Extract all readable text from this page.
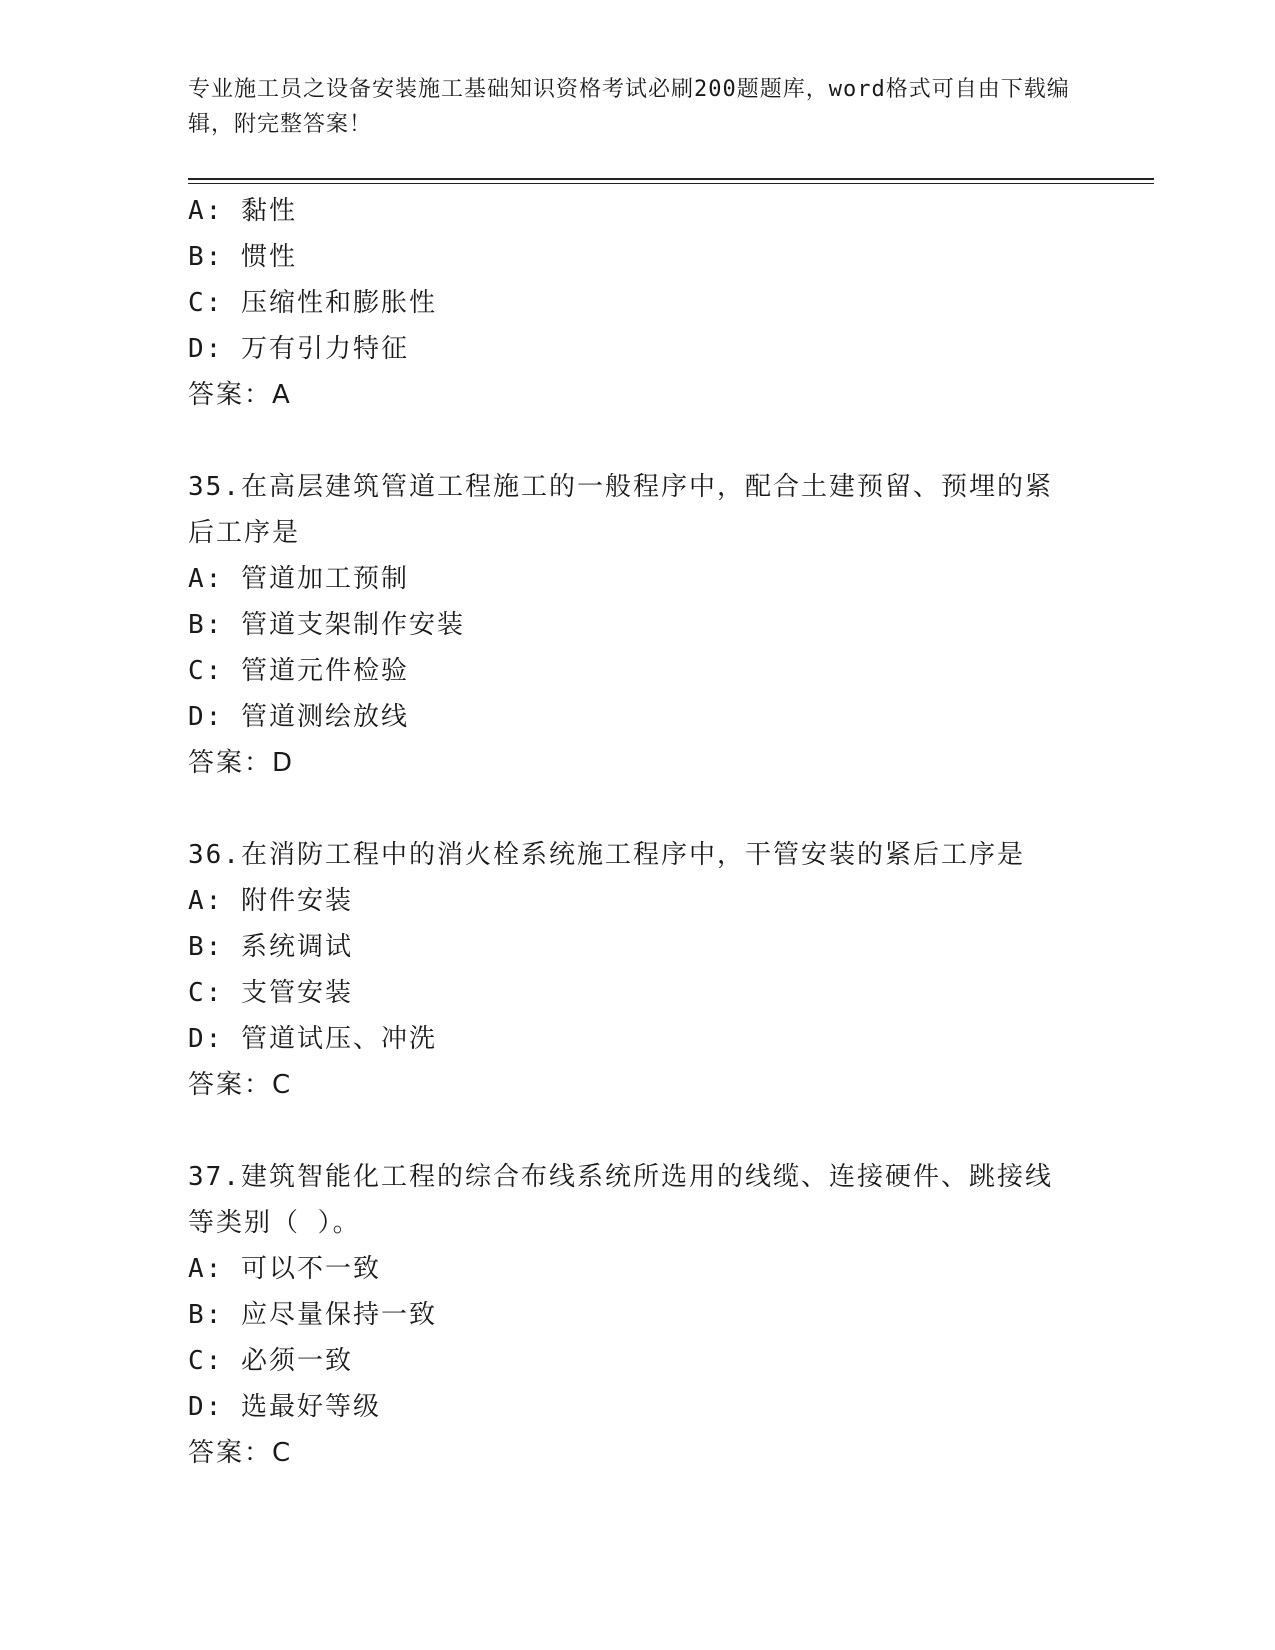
专业施工员之设备安装施工基础知识资格考试必刷200题题库，word格式可自由下载编辑，附完整答案！
A: 黏性
B: 惯性
C: 压缩性和膨胀性
D: 万有引力特征
答案：A
35.在高层建筑管道工程施工的一般程序中，配合土建预留、预埋的紧后工序是
A: 管道加工预制
B: 管道支架制作安装
C: 管道元件检验
D: 管道测绘放线
答案：D
36.在消防工程中的消火栓系统施工程序中，干管安装的紧后工序是
A: 附件安装
B: 系统调试
C: 支管安装
D: 管道试压、冲洗
答案：C
37.建筑智能化工程的综合布线系统所选用的线缆、连接硬件、跳接线等类别（ ）。
A: 可以不一致
B: 应尽量保持一致
C: 必须一致
D: 选最好等级
答案：C
